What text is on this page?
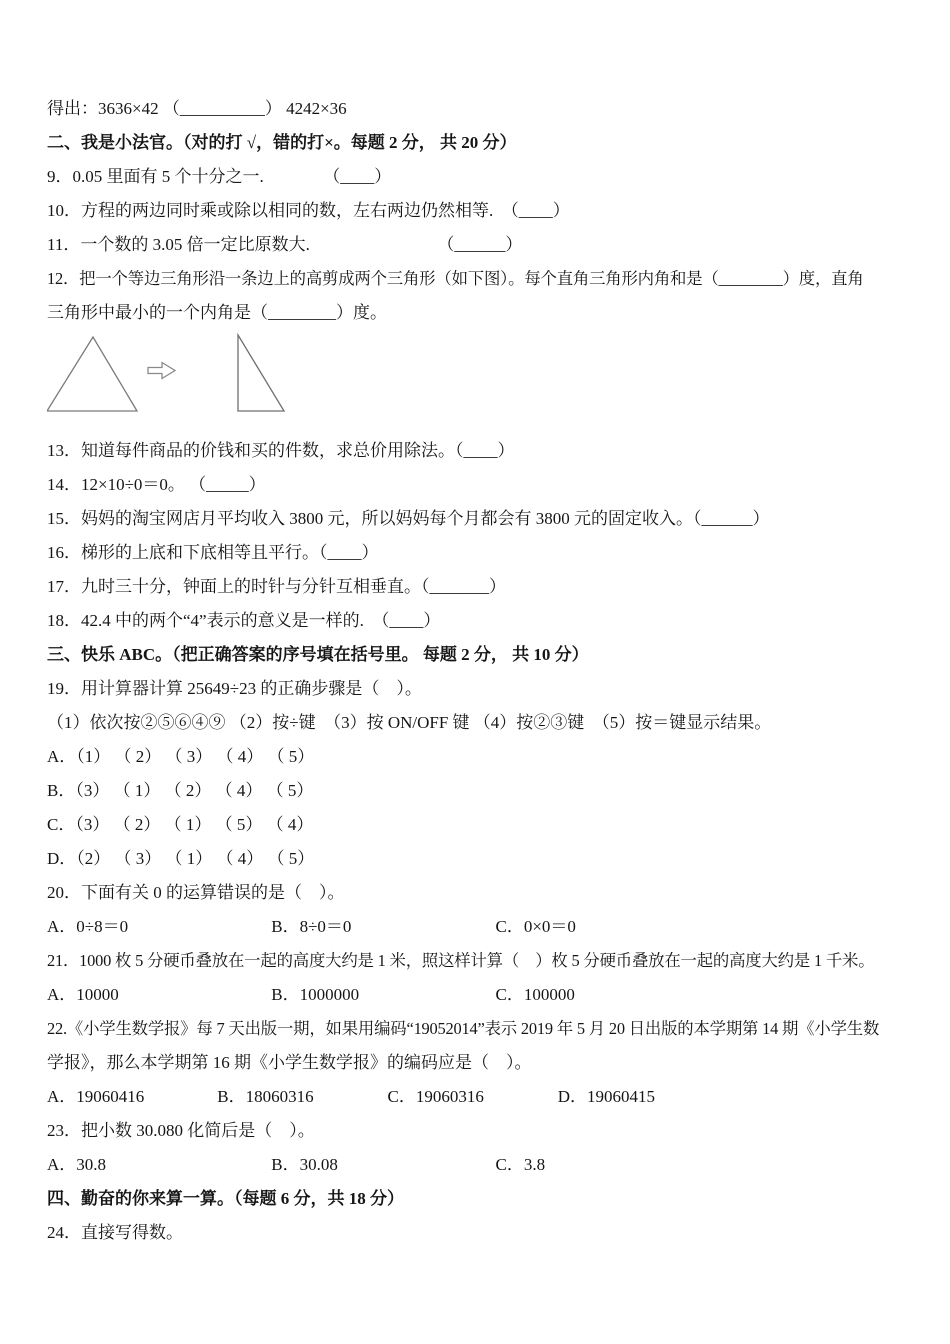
得出：3636×42 （__________） 4242×36

二、我是小法官。（对的打 √，错的打×。每题 2 分， 共 20 分）

9．0.05 里面有 5 个十分之一.　　　　（____）

10．方程的两边同时乘或除以相同的数，左右两边仍然相等.　（____）

11．一个数的 3.05 倍一定比原数大.　　　　　　　　（______）

12．把一个等边三角形沿一条边上的高剪成两个三角形（如下图）。每个直角三角形内角和是（________）度，直角

三角形中最小的一个内角是（________）度。

13．知道每件商品的价钱和买的件数，求总价用除法。（____）

14．12×10÷0＝0。 （_____）

15．妈妈的淘宝网店月平均收入 3800 元，所以妈妈每个月都会有 3800 元的固定收入。（______）

16．梯形的上底和下底相等且平行。（____）

17．九时三十分，钟面上的时针与分针互相垂直。（_______）

18．42.4 中的两个“4”表示的意义是一样的.　（____）

三、快乐 ABC。（把正确答案的序号填在括号里。 每题 2 分， 共 10 分）

19．用计算器计算 25649÷23 的正确步骤是（　）。

（1）依次按②⑤⑥④⑨ （2）按÷键　（3）按 ON/OFF 键 （4）按②③键　（5）按＝键显示结果。

A．（1） （ 2） （ 3） （ 4） （ 5）

B．（3） （ 1） （ 2） （ 4） （ 5）

C．（3） （ 2） （ 1） （ 5） （ 4）

D．（2） （ 3） （ 1） （ 4） （ 5）

20．下面有关 0 的运算错误的是（　）。

A．0÷8＝0	B．8÷0＝0	C．0×0＝0

21．1000 枚 5 分硬币叠放在一起的高度大约是 1 米，照这样计算（　）枚 5 分硬币叠放在一起的高度大约是 1 千米。

A．10000	B．1000000	C．100000

22.《小学生数学报》每 7 天出版一期，如果用编码“19052014”表示 2019 年 5 月 20 日出版的本学期第 14 期《小学生数

学报》，那么本学期第 16 期《小学生数学报》的编码应是（　）。

A．19060416	B．18060316	C．19060316	D．19060415

23．把小数 30.080 化简后是（　）。

A．30.8	B．30.08	C．3.8

四、勤奋的你来算一算。（每题 6 分，共 18 分）

24．直接写得数。
